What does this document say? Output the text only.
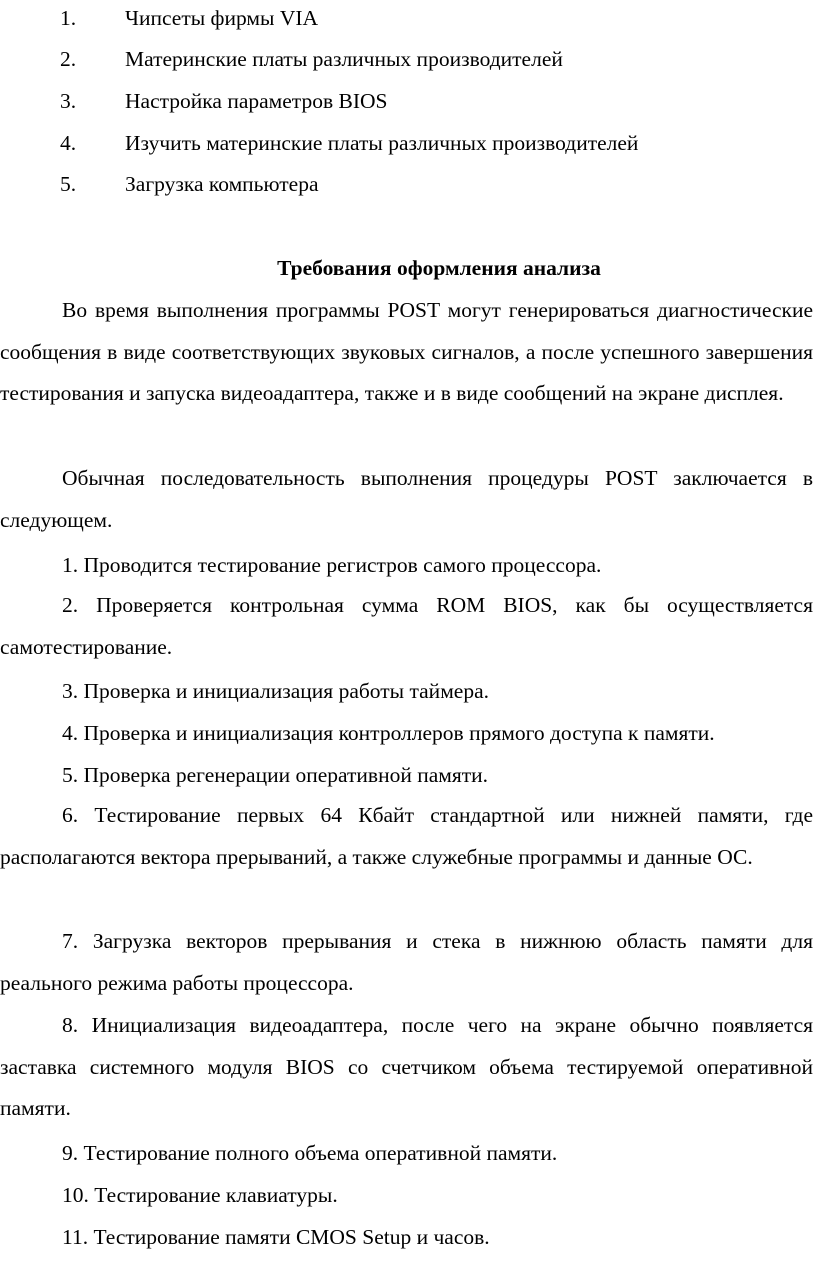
1. Чипсеты фирмы VIA
2. Материнские платы различных производителей
3. Настройка параметров BIOS
4. Изучить материнские платы различных производителей
5. Загрузка компьютера
Требования оформления анализа

Во время выполнения программы POST могут генерироваться диагностические сообщения в виде соответствующих звуковых сигналов, а после успешного завершения тестирования и запуска видеоадаптера, также и в виде сообщений на экране дисплея.

Обычная последовательность выполнения процедуры POST заключается в следующем.

1. Проводится тестирование регистров самого процессора.

2. Проверяется контрольная сумма ROM BIOS, как бы осуществляется самотестирование.

3. Проверка и инициализация работы таймера.

4. Проверка и инициализация контроллеров прямого доступа к памяти.

5. Проверка регенерации оперативной памяти.

6. Тестирование первых 64 Кбайт стандартной или нижней памяти, где располагаются вектора прерываний, а также служебные программы и данные ОС.

7. Загрузка векторов прерывания и стека в нижнюю область памяти для реального режима работы процессора.

8. Инициализация видеоадаптера, после чего на экране обычно появляется заставка системного модуля BIOS со счетчиком объема тестируемой оперативной памяти.

9. Тестирование полного объема оперативной памяти.

10. Тестирование клавиатуры.

11. Тестирование памяти CMOS Setup и часов.
